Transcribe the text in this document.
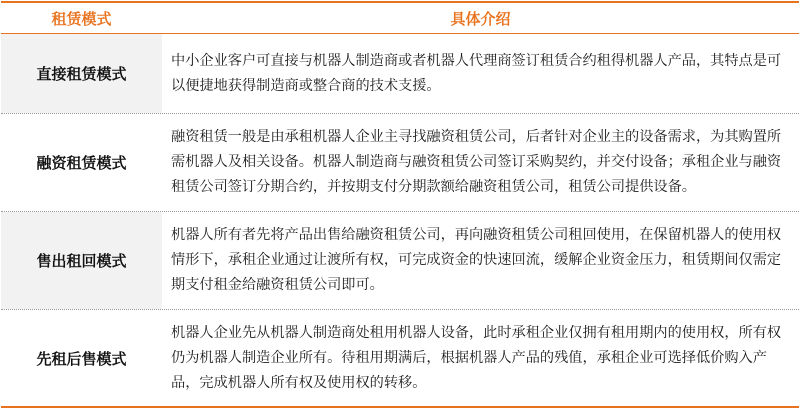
租赁模式	具体介绍
直接租赁模式
中小企业客户可直接与机器人制造商或者机器人代理商签订租赁合约租得机器人产品，其特点是可以便捷地获得制造商或整合商的技术支援。
融资租赁模式
融资租赁一般是由承租机器人企业主寻找融资租赁公司，后者针对企业主的设备需求，为其购置所需机器人及相关设备。机器人制造商与融资租赁公司签订采购契约，并交付设备；承租企业与融资租赁公司签订分期合约，并按期支付分期款额给融资租赁公司，租赁公司提供设备。
售出租回模式
机器人所有者先将产品出售给融资租赁公司，再向融资租赁公司租回使用，在保留机器人的使用权情形下，承租企业通过让渡所有权，可完成资金的快速回流，缓解企业资金压力，租赁期间仅需定期支付租金给融资租赁公司即可。
先租后售模式
机器人企业先从机器人制造商处租用机器人设备，此时承租企业仅拥有租用期内的使用权，所有权仍为机器人制造企业所有。待租用期满后，根据机器人产品的残值，承租企业可选择低价购入产品，完成机器人所有权及使用权的转移。
